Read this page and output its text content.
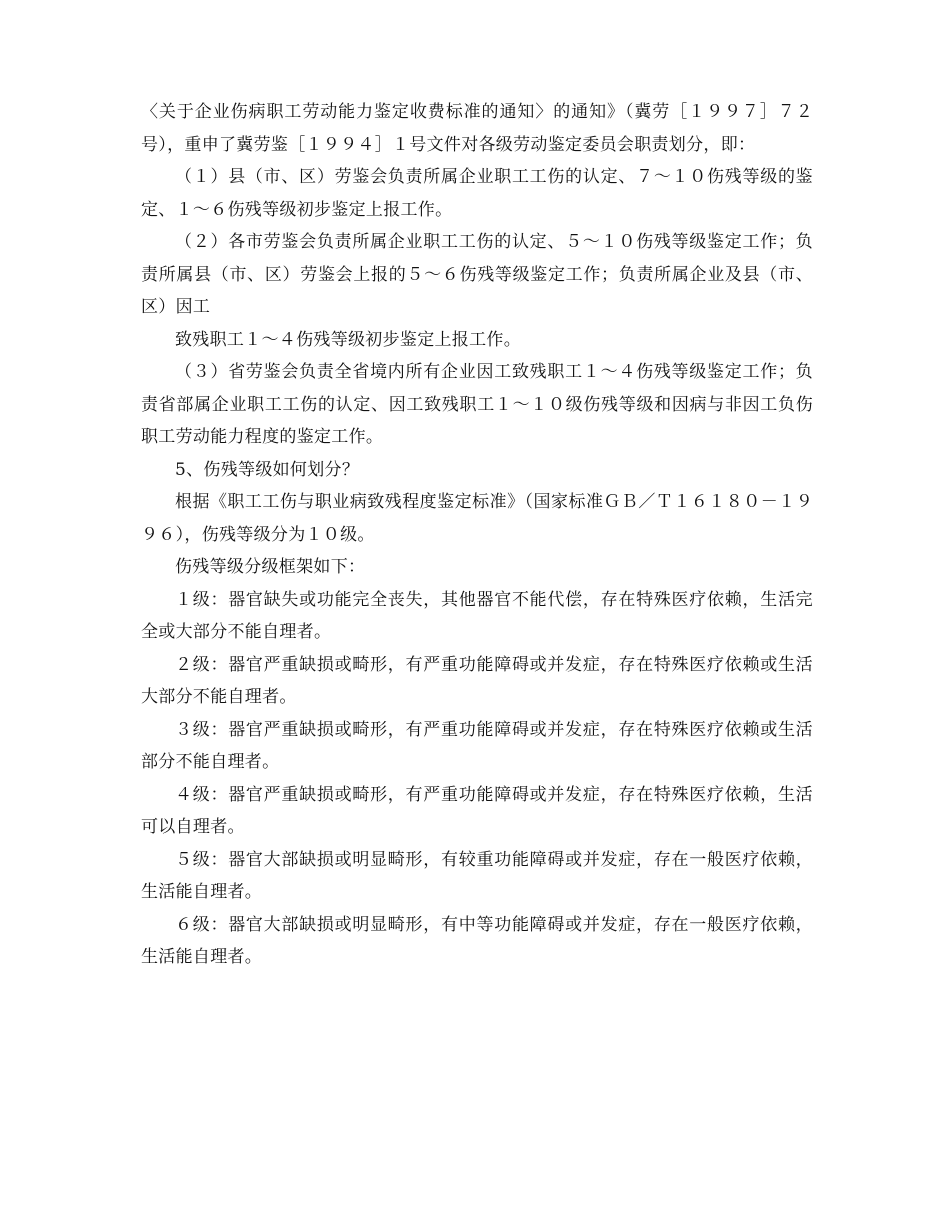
〈关于企业伤病职工劳动能力鉴定收费标准的通知〉的通知》（冀劳［１９９７］７２号），重申了冀劳鉴［１９９４］１号文件对各级劳动鉴定委员会职责划分，即：

（１）县（市、区）劳鉴会负责所属企业职工工伤的认定、７～１０伤残等级的鉴定、１～６伤残等级初步鉴定上报工作。

（２）各市劳鉴会负责所属企业职工工伤的认定、５～１０伤残等级鉴定工作；负责所属县（市、区）劳鉴会上报的５～６伤残等级鉴定工作；负责所属企业及县（市、区）因工

致残职工１～４伤残等级初步鉴定上报工作。

（３）省劳鉴会负责全省境内所有企业因工致残职工１～４伤残等级鉴定工作；负责省部属企业职工工伤的认定、因工致残职工１～１０级伤残等级和因病与非因工负伤职工劳动能力程度的鉴定工作。

5、伤残等级如何划分？

根据《职工工伤与职业病致残程度鉴定标准》（国家标准ＧＢ／Ｔ１６１８０－１９９６），伤残等级分为１０级。

伤残等级分级框架如下：

１级：器官缺失或功能完全丧失，其他器官不能代偿，存在特殊医疗依赖，生活完全或大部分不能自理者。

２级：器官严重缺损或畸形，有严重功能障碍或并发症，存在特殊医疗依赖或生活大部分不能自理者。

３级：器官严重缺损或畸形，有严重功能障碍或并发症，存在特殊医疗依赖或生活部分不能自理者。

４级：器官严重缺损或畸形，有严重功能障碍或并发症，存在特殊医疗依赖，生活可以自理者。

５级：器官大部缺损或明显畸形，有较重功能障碍或并发症，存在一般医疗依赖，生活能自理者。

６级：器官大部缺损或明显畸形，有中等功能障碍或并发症，存在一般医疗依赖，生活能自理者。
